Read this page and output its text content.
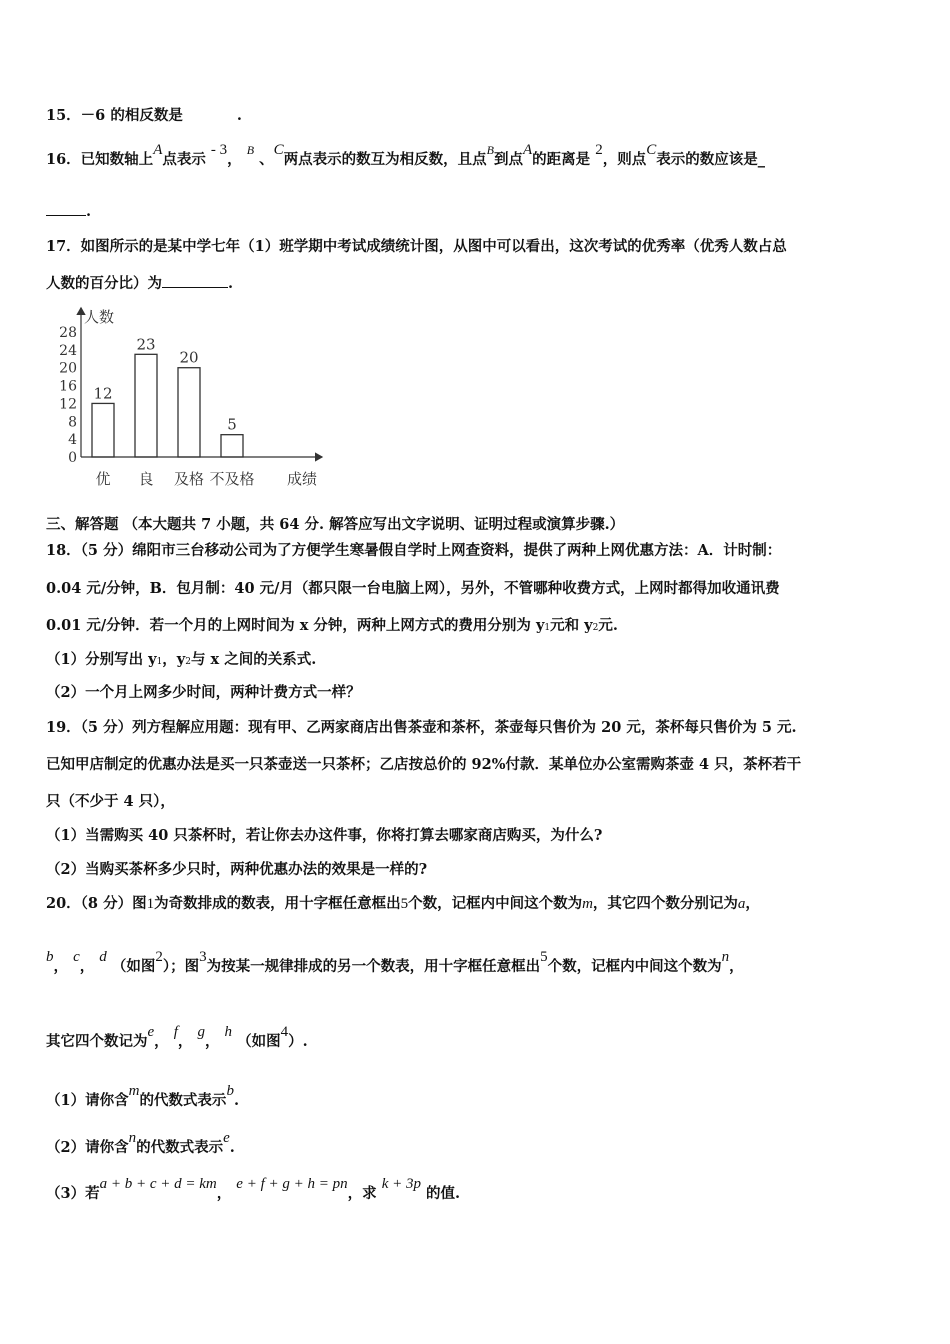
15．－6 的相反数是	.
16．已知数轴上A点表示 - 3， $^B$ 、C两点表示的数互为相反数，且点$^B$到点A的距离是 2，则点C表示的数应该是_
.
17．如图所示的是某中学七年（1）班学期中考试成绩统计图，从图中可以看出，这次考试的优秀率（优秀人数占总
人数的百分比）为	.
人数
成绩
0
4
8
12
16
20
24
28
12
优
23
良
20
及格
5
不及格
三、解答题 （本大题共 7 小题，共 64 分. 解答应写出文字说明、证明过程或演算步骤.）
18．（5 分）绵阳市三台移动公司为了方便学生寒暑假自学时上网查资料，提供了两种上网优惠方法：A．计时制：
0.04 元/分钟，B．包月制：40 元/月（都只限一台电脑上网），另外，不管哪种收费方式，上网时都得加收通讯费
0.01 元/分钟．若一个月的上网时间为 x 分钟，两种上网方式的费用分别为 y1元和 y2元.
（1）分别写出 y1，y2与 x 之间的关系式.
（2）一个月上网多少时间，两种计费方式一样？
19．（5 分）列方程解应用题：现有甲、乙两家商店出售茶壶和茶杯，茶壶每只售价为 20 元，茶杯每只售价为 5 元.
已知甲店制定的优惠办法是买一只茶壶送一只茶杯；乙店按总价的 92%付款．某单位办公室需购茶壶 4 只，茶杯若干
只（不少于 4 只），
（1）当需购买 40 只茶杯时，若让你去办这件事，你将打算去哪家商店购买，为什么?
（2）当购买茶杯多少只时，两种优惠办法的效果是一样的?
20．（8 分）图1为奇数排成的数表，用十字框任意框出5个数，记框内中间这个数为m，其它四个数分别记为a，
b， c， d （如图2）；图3为按某一规律排成的另一个数表，用十字框任意框出5个数，记框内中间这个数为n，
其它四个数记为e， f， g， h （如图4）.
（1）请你含m的代数式表示b.
（2）请你含n的代数式表示e.
（3）若a + b + c + d = km， e + f + g + h = pn，求 k + 3p 的值.
